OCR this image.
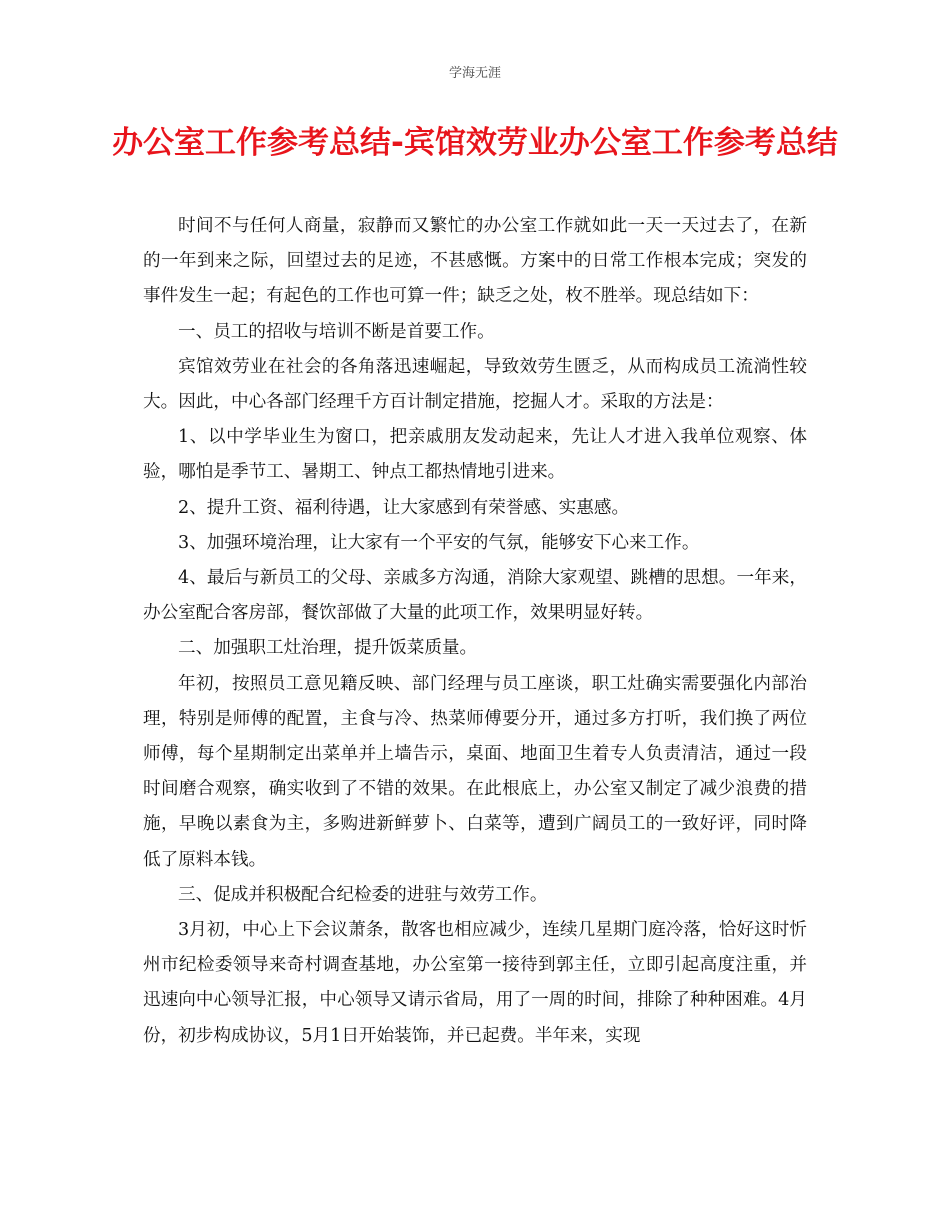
学海无涯
办公室工作参考总结-宾馆效劳业办公室工作参考总结

时间不与任何人商量，寂静而又繁忙的办公室工作就如此一天一天过去了，在新的一年到来之际，回望过去的足迹，不甚感慨。方案中的日常工作根本完成；突发的事件发生一起；有起色的工作也可算一件；缺乏之处，枚不胜举。现总结如下：

一、员工的招收与培训不断是首要工作。

宾馆效劳业在社会的各角落迅速崛起，导致效劳生匮乏，从而构成员工流淌性较大。因此，中心各部门经理千方百计制定措施，挖掘人才。采取的方法是：

1、以中学毕业生为窗口，把亲戚朋友发动起来，先让人才进入我单位观察、体验，哪怕是季节工、暑期工、钟点工都热情地引进来。

2、提升工资、福利待遇，让大家感到有荣誉感、实惠感。

3、加强环境治理，让大家有一个平安的气氛，能够安下心来工作。

4、最后与新员工的父母、亲戚多方沟通，消除大家观望、跳槽的思想。一年来，办公室配合客房部，餐饮部做了大量的此项工作，效果明显好转。

二、加强职工灶治理，提升饭菜质量。

年初，按照员工意见籍反映、部门经理与员工座谈，职工灶确实需要强化内部治理，特别是师傅的配置，主食与冷、热菜师傅要分开，通过多方打听，我们换了两位师傅，每个星期制定出菜单并上墙告示，桌面、地面卫生着专人负责清洁，通过一段时间磨合观察，确实收到了不错的效果。在此根底上，办公室又制定了减少浪费的措施，早晚以素食为主，多购进新鲜萝卜、白菜等，遭到广阔员工的一致好评，同时降低了原料本钱。

三、促成并积极配合纪检委的进驻与效劳工作。

3月初，中心上下会议萧条，散客也相应减少，连续几星期门庭冷落，恰好这时忻州市纪检委领导来奇村调查基地，办公室第一接待到郭主任，立即引起高度注重，并迅速向中心领导汇报，中心领导又请示省局，用了一周的时间，排除了种种困难。4月份，初步构成协议，5月1日开始装饰，并已起费。半年来，实现
